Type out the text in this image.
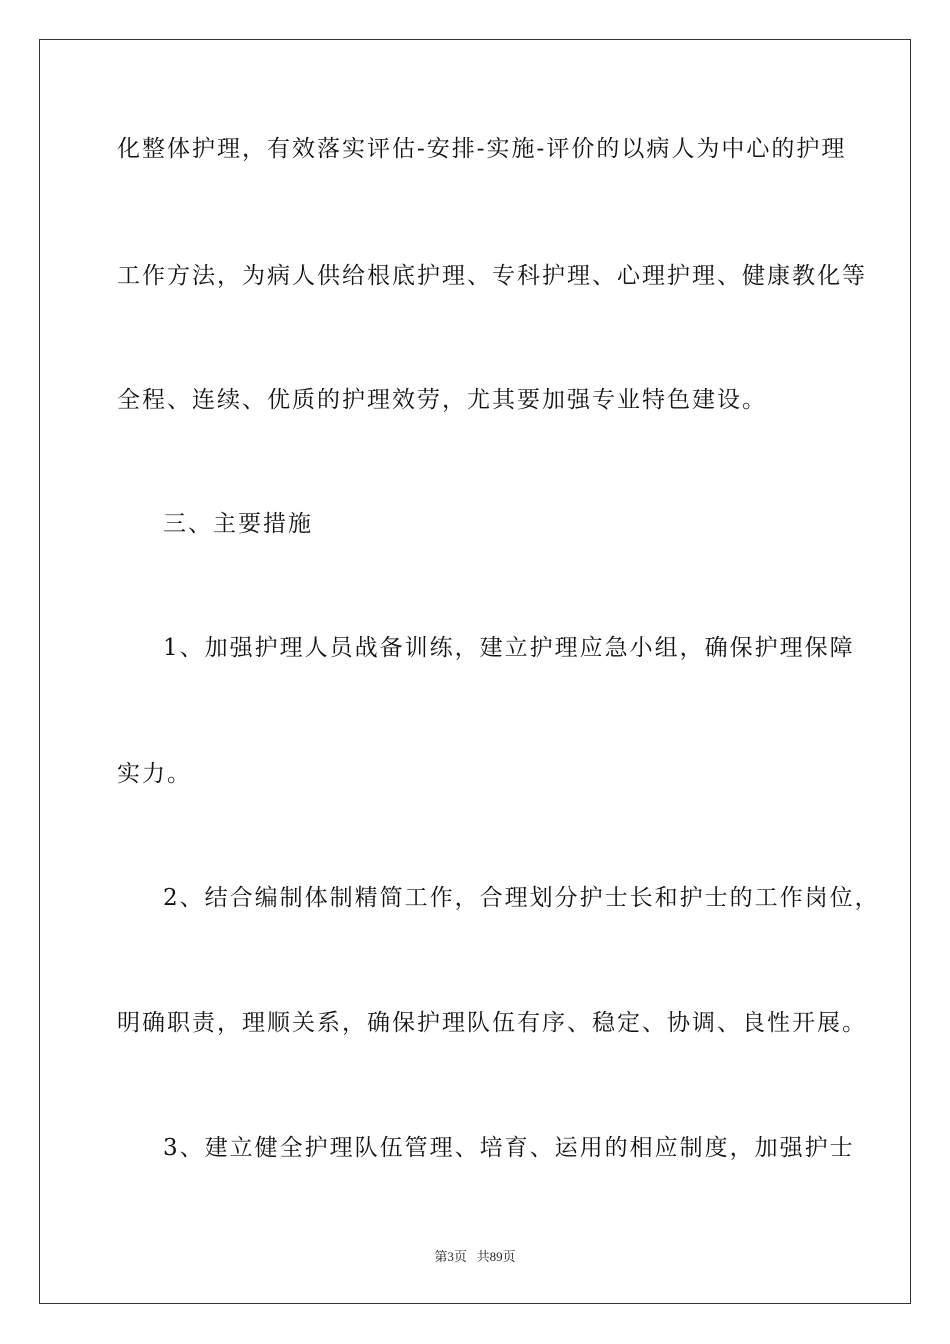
化整体护理，有效落实评估-安排-实施-评价的以病人为中心的护理
工作方法，为病人供给根底护理、专科护理、心理护理、健康教化等
全程、连续、优质的护理效劳，尤其要加强专业特色建设。
三、主要措施
1、加强护理人员战备训练，建立护理应急小组，确保护理保障
实力。
2、结合编制体制精简工作，合理划分护士长和护士的工作岗位，
明确职责，理顺关系，确保护理队伍有序、稳定、协调、良性开展。
3、建立健全护理队伍管理、培育、运用的相应制度，加强护士
第3页 共89页
